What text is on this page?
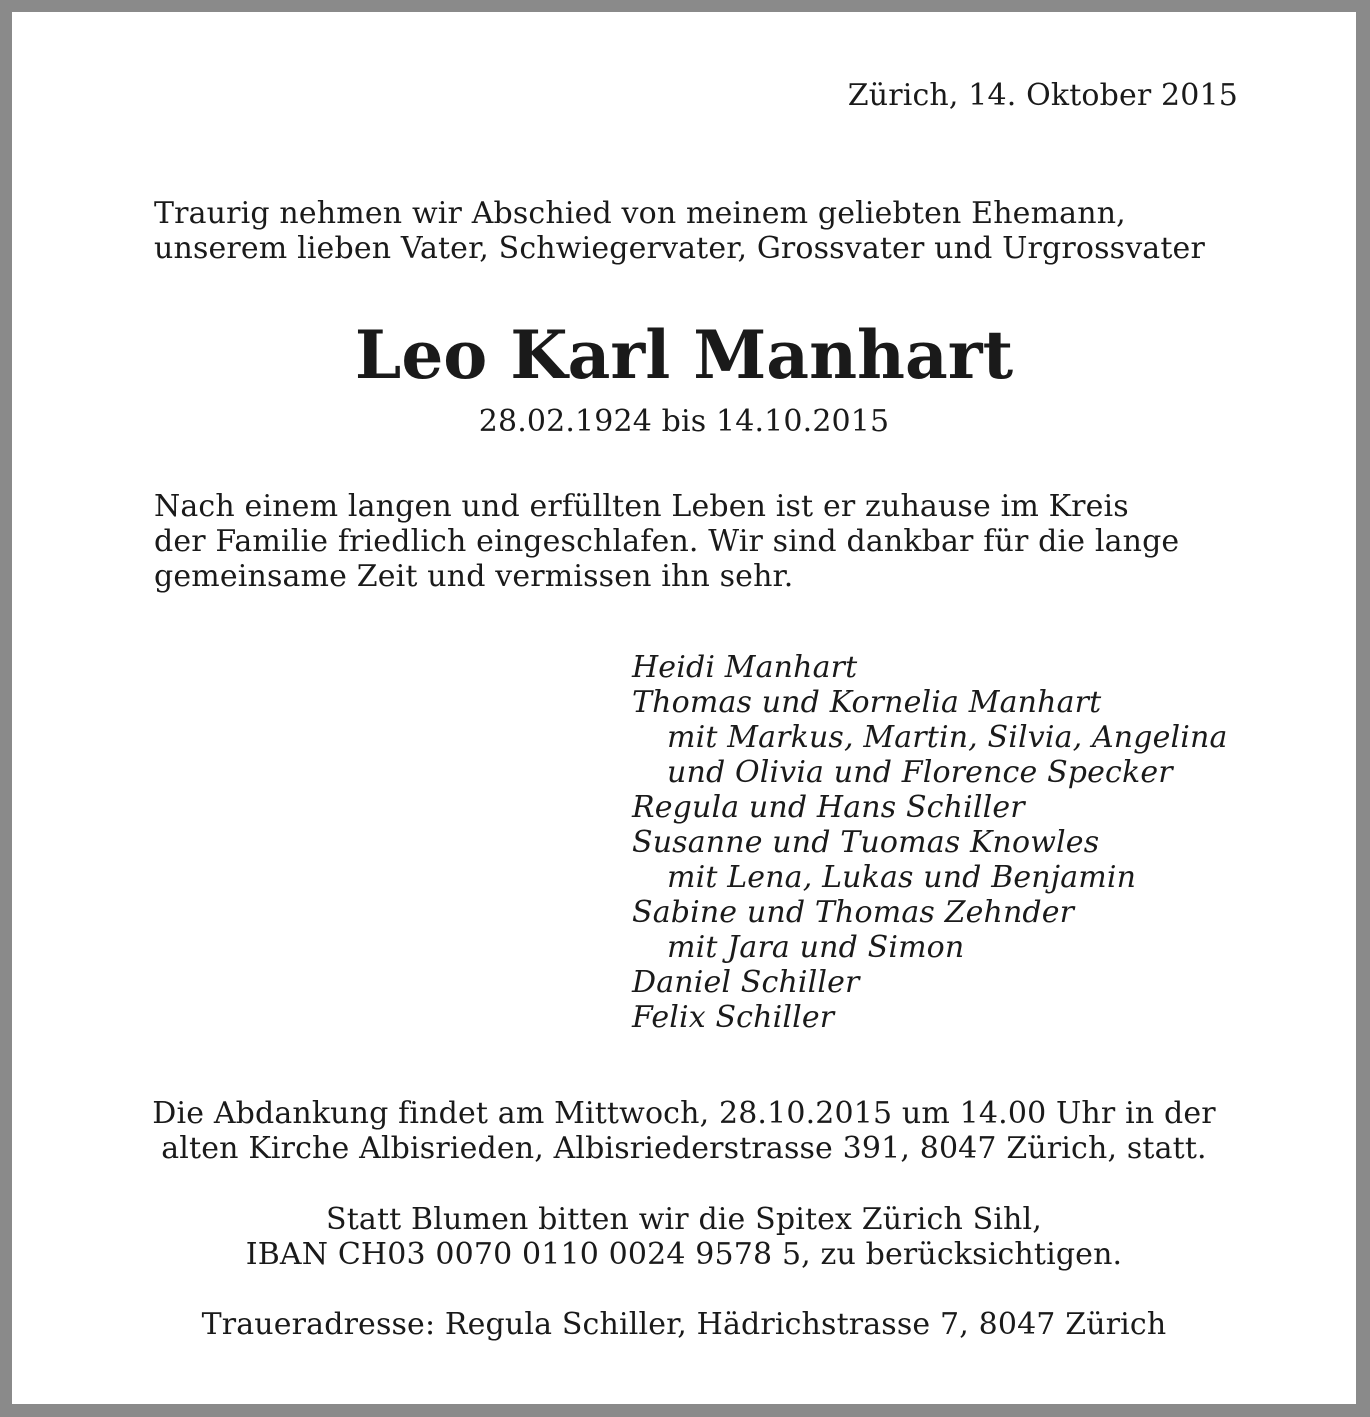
Zürich, 14. Oktober 2015
Traurig nehmen wir Abschied von meinem geliebten Ehemann,
unserem lieben Vater, Schwiegervater, Grossvater und Urgrossvater
Leo Karl Manhart
28.02.1924 bis 14.10.2015
Nach einem langen und erfüllten Leben ist er zuhause im Kreis
der Familie friedlich eingeschlafen. Wir sind dankbar für die lange
gemeinsame Zeit und vermissen ihn sehr.
Heidi Manhart
Thomas und Kornelia Manhart
mit Markus, Martin, Silvia, Angelina
und Olivia und Florence Specker
Regula und Hans Schiller
Susanne und Tuomas Knowles
mit Lena, Lukas und Benjamin
Sabine und Thomas Zehnder
mit Jara und Simon
Daniel Schiller
Felix Schiller
Die Abdankung findet am Mittwoch, 28.10.2015 um 14.00 Uhr in der
alten Kirche Albisrieden, Albisriederstrasse 391, 8047 Zürich, statt.
Statt Blumen bitten wir die Spitex Zürich Sihl,
IBAN CH03 0070 0110 0024 9578 5, zu berücksichtigen.
Traueradresse: Regula Schiller, Hädrichstrasse 7, 8047 Zürich
